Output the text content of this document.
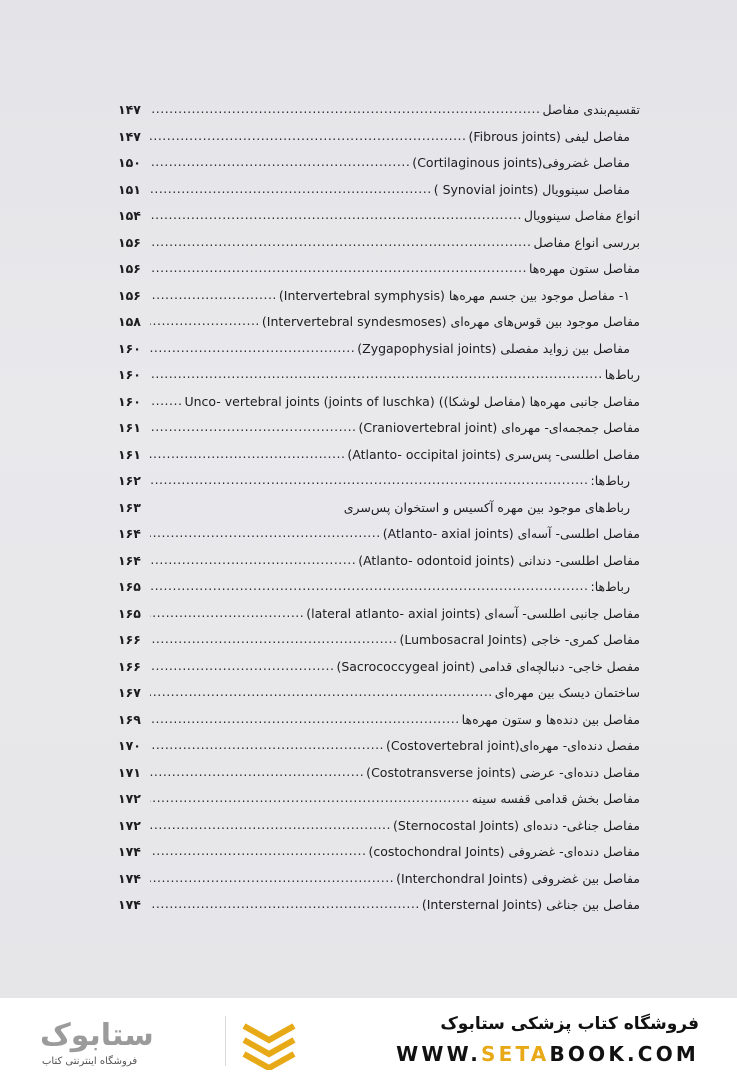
تقسیم‌بندی مفاصل
.....
۱۴۷
مفاصل لیفی (Fibrous joints)
.....
۱۴۷
مفاصل غضروفی(Cortilaginous joints)
.....
۱۵۰
مفاصل سینوویال (Synovial joints )
.....
۱۵۱
انواع مفاصل سینوویال
.....
۱۵۴
بررسی انواع مفاصل
.....
۱۵۶
مفاصل ستون مهره‌ها
.....
۱۵۶
۱- مفاصل موجود بین جسم مهره‌ها (Intervertebral symphysis)
.....
۱۵۶
مفاصل موجود بین قوس‌های مهره‌ای (Intervertebral syndesmoses)
.....
۱۵۸
مفاصل بین زواید مفصلی (Zygapophysial joints)
.....
۱۶۰
رباط‌ها
.....
۱۶۰
مفاصل جانبی مهره‌ها (مفاصل لوشکا)) (Unco- vertebral joints (joints of luschka
.....
۱۶۰
مفاصل جمجمه‌ای- مهره‌ای (Craniovertebral joint)
.....
۱۶۱
مفاصل اطلسی- پس‌سری (Atlanto- occipital joints)
.....
۱۶۱
رباط‌ها:
.....
۱۶۲
رباط‌های موجود بین مهره آکسیس و استخوان پس‌سری
۱۶۳
مفاصل اطلسی- آسه‌ای (Atlanto- axial joints)
.....
۱۶۴
مفاصل اطلسی- دندانی (Atlanto- odontoid joints)
.....
۱۶۴
رباط‌ها:
.....
۱۶۵
مفاصل جانبی اطلسی- آسه‌ای (lateral atlanto- axial joints)
.....
۱۶۵
مفاصل کمری- خاجی (Lumbosacral Joints)
.....
۱۶۶
مفصل خاجی- دنبالچه‌ای قدامی (Sacrococcygeal joint)
.....
۱۶۶
ساختمان دیسک بین مهره‌ای
.....
۱۶۷
مفاصل بین دنده‌ها و ستون مهره‌ها
.....
۱۶۹
مفصل دنده‌ای- مهره‌ای(Costovertebral joint)
.....
۱۷۰
مفاصل دنده‌ای- عرضی (Costotransverse joints)
.....
۱۷۱
مفاصل بخش قدامی قفسه سینه
.....
۱۷۲
مفاصل جناغی- دنده‌ای (Sternocostal Joints)
.....
۱۷۲
مفاصل دنده‌ای- غضروفی (costochondral Joints)
.....
۱۷۴
مفاصل بین غضروفی (Interchondral Joints)
.....
۱۷۴
مفاصل بین جناغی (Intersternal Joints)
.....
۱۷۴
ستابوک
فروشگاه اینترنتی کتاب
فروشگاه کتاب پزشکی ستابوک
WWW.SETABOOK.COM
